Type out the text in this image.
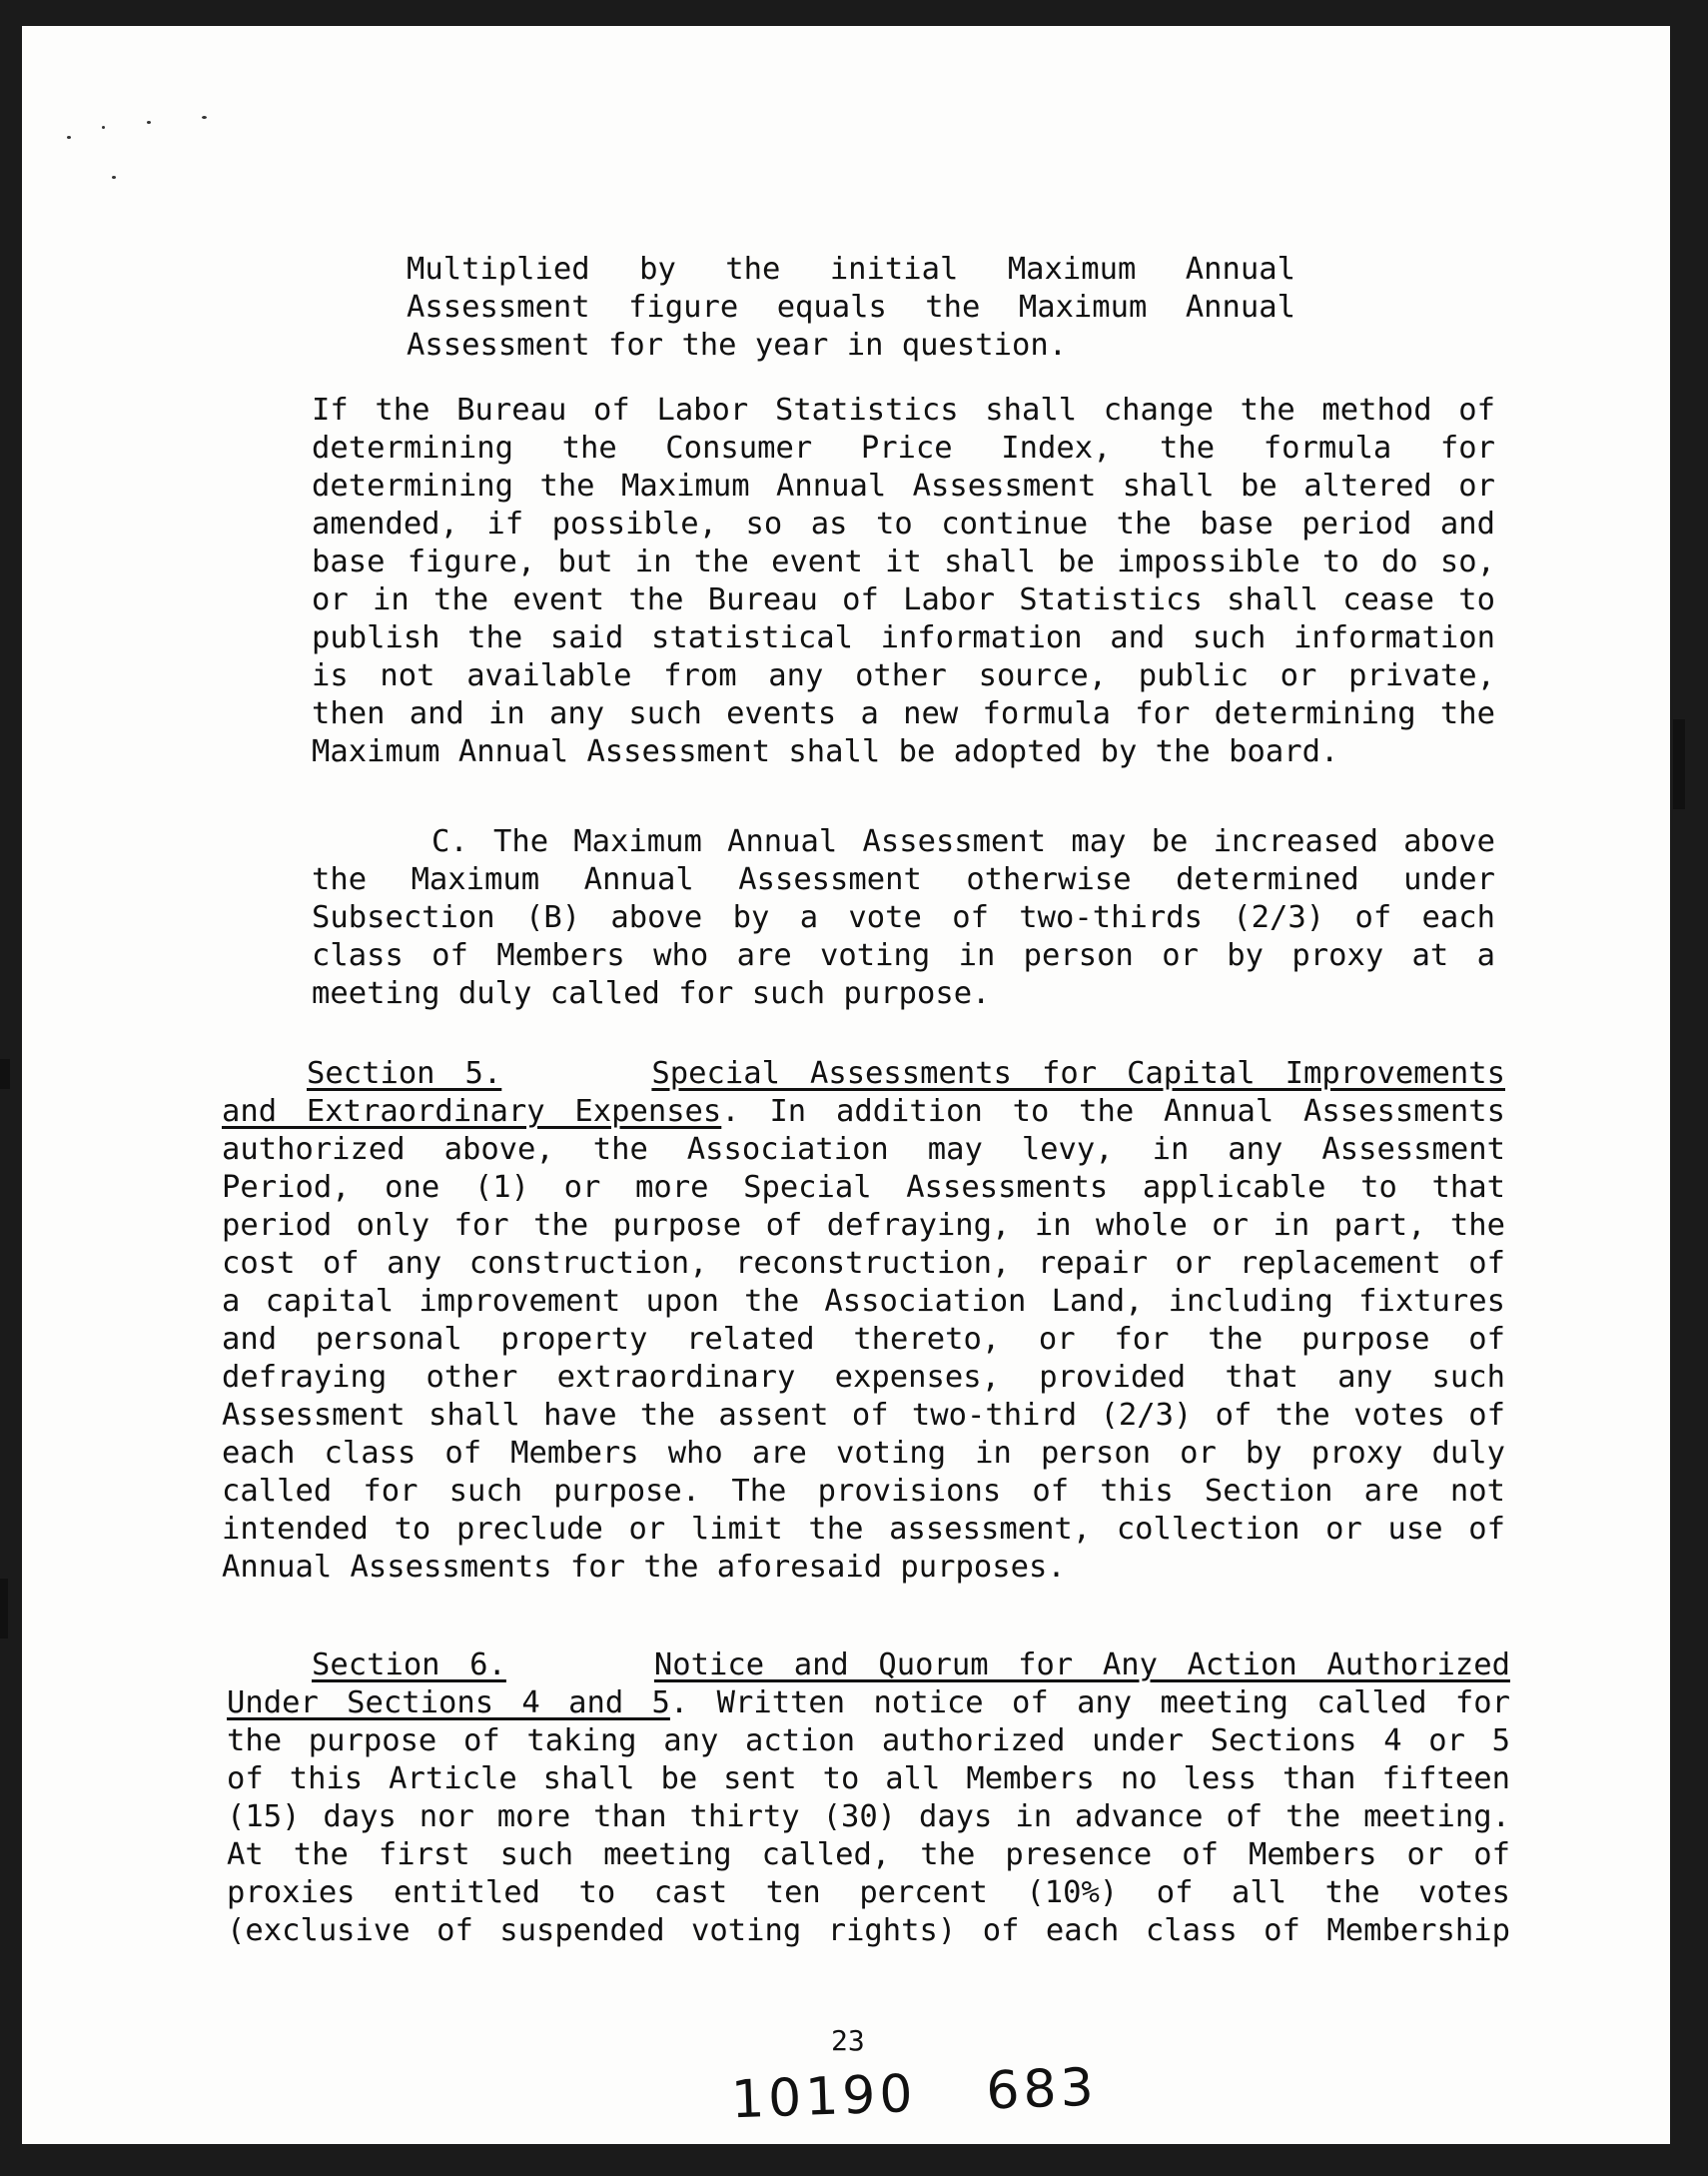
Multiplied by the initial Maximum Annual
Assessment figure equals the Maximum Annual
Assessment for the year in question.
If the Bureau of Labor Statistics shall change the method of
determining the Consumer Price Index, the formula for
determining the Maximum Annual Assessment shall be altered or
amended, if possible, so as to continue the base period and
base figure, but in the event it shall be impossible to do so,
or in the event the Bureau of Labor Statistics shall cease to
publish the said statistical information and such information
is not available from any other source, public or private,
then and in any such events a new formula for determining the
Maximum Annual Assessment shall be adopted by the board.
C. The Maximum Annual Assessment may be increased above
the Maximum Annual Assessment otherwise determined under
Subsection (B) above by a vote of two-thirds (2/3) of each
class of Members who are voting in person or by proxy at a
meeting duly called for such purpose.
Section 5.	Special Assessments for Capital Improvements
and Extraordinary Expenses. In addition to the Annual Assessments
authorized above, the Association may levy, in any Assessment
Period, one (1) or more Special Assessments applicable to that
period only for the purpose of defraying, in whole or in part, the
cost of any construction, reconstruction, repair or replacement of
a capital improvement upon the Association Land, including fixtures
and personal property related thereto, or for the purpose of
defraying other extraordinary expenses, provided that any such
Assessment shall have the assent of two-third (2/3) of the votes of
each class of Members who are voting in person or by proxy duly
called for such purpose. The provisions of this Section are not
intended to preclude or limit the assessment, collection or use of
Annual Assessments for the aforesaid purposes.
Section 6.	Notice and Quorum for Any Action Authorized
Under Sections 4 and 5. Written notice of any meeting called for
the purpose of taking any action authorized under Sections 4 or 5
of this Article shall be sent to all Members no less than fifteen
(15) days nor more than thirty (30) days in advance of the meeting.
At the first such meeting called, the presence of Members or of
proxies entitled to cast ten percent (10%) of all the votes
(exclusive of suspended voting rights) of each class of Membership
23
10190 683
